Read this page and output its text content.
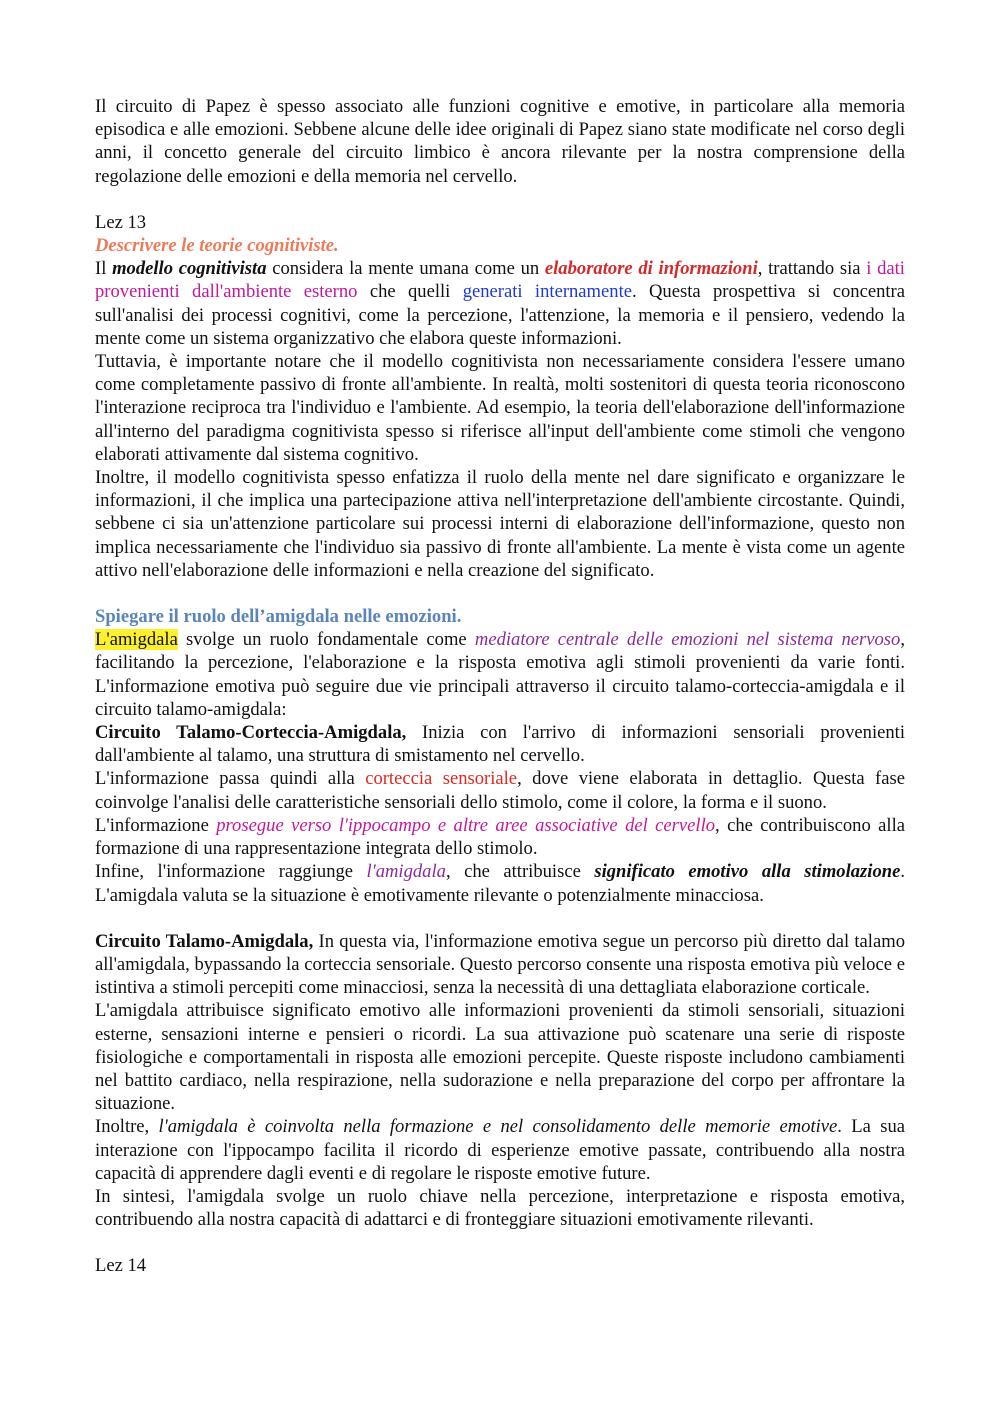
Il circuito di Papez è spesso associato alle funzioni cognitive e emotive, in particolare alla memoria episodica e alle emozioni. Sebbene alcune delle idee originali di Papez siano state modificate nel corso degli anni, il concetto generale del circuito limbico è ancora rilevante per la nostra comprensione della regolazione delle emozioni e della memoria nel cervello.

Lez 13

Descrivere le teorie cognitiviste.

Il modello cognitivista considera la mente umana come un elaboratore di informazioni, trattando sia i dati provenienti dall'ambiente esterno che quelli generati internamente. Questa prospettiva si concentra sull'analisi dei processi cognitivi, come la percezione, l'attenzione, la memoria e il pensiero, vedendo la mente come un sistema organizzativo che elabora queste informazioni.

Tuttavia, è importante notare che il modello cognitivista non necessariamente considera l'essere umano come completamente passivo di fronte all'ambiente. In realtà, molti sostenitori di questa teoria riconoscono l'interazione reciproca tra l'individuo e l'ambiente. Ad esempio, la teoria dell'elaborazione dell'informazione all'interno del paradigma cognitivista spesso si riferisce all'input dell'ambiente come stimoli che vengono elaborati attivamente dal sistema cognitivo.

Inoltre, il modello cognitivista spesso enfatizza il ruolo della mente nel dare significato e organizzare le informazioni, il che implica una partecipazione attiva nell'interpretazione dell'ambiente circostante. Quindi, sebbene ci sia un'attenzione particolare sui processi interni di elaborazione dell'informazione, questo non implica necessariamente che l'individuo sia passivo di fronte all'ambiente. La mente è vista come un agente attivo nell'elaborazione delle informazioni e nella creazione del significato.

Spiegare il ruolo dell’amigdala nelle emozioni.

L'amigdala svolge un ruolo fondamentale come mediatore centrale delle emozioni nel sistema nervoso, facilitando la percezione, l'elaborazione e la risposta emotiva agli stimoli provenienti da varie fonti. L'informazione emotiva può seguire due vie principali attraverso il circuito talamo-corteccia-amigdala e il circuito talamo-amigdala:

Circuito Talamo-Corteccia-Amigdala, Inizia con l'arrivo di informazioni sensoriali provenienti dall'ambiente al talamo, una struttura di smistamento nel cervello.

L'informazione passa quindi alla corteccia sensoriale, dove viene elaborata in dettaglio. Questa fase coinvolge l'analisi delle caratteristiche sensoriali dello stimolo, come il colore, la forma e il suono.

L'informazione prosegue verso l'ippocampo e altre aree associative del cervello, che contribuiscono alla formazione di una rappresentazione integrata dello stimolo.

Infine, l'informazione raggiunge l'amigdala, che attribuisce significato emotivo alla stimolazione. L'amigdala valuta se la situazione è emotivamente rilevante o potenzialmente minacciosa.

Circuito Talamo-Amigdala, In questa via, l'informazione emotiva segue un percorso più diretto dal talamo all'amigdala, bypassando la corteccia sensoriale. Questo percorso consente una risposta emotiva più veloce e istintiva a stimoli percepiti come minacciosi, senza la necessità di una dettagliata elaborazione corticale.

L'amigdala attribuisce significato emotivo alle informazioni provenienti da stimoli sensoriali, situazioni esterne, sensazioni interne e pensieri o ricordi. La sua attivazione può scatenare una serie di risposte fisiologiche e comportamentali in risposta alle emozioni percepite. Queste risposte includono cambiamenti nel battito cardiaco, nella respirazione, nella sudorazione e nella preparazione del corpo per affrontare la situazione.

Inoltre, l'amigdala è coinvolta nella formazione e nel consolidamento delle memorie emotive. La sua interazione con l'ippocampo facilita il ricordo di esperienze emotive passate, contribuendo alla nostra capacità di apprendere dagli eventi e di regolare le risposte emotive future.

In sintesi, l'amigdala svolge un ruolo chiave nella percezione, interpretazione e risposta emotiva, contribuendo alla nostra capacità di adattarci e di fronteggiare situazioni emotivamente rilevanti.

Lez 14
